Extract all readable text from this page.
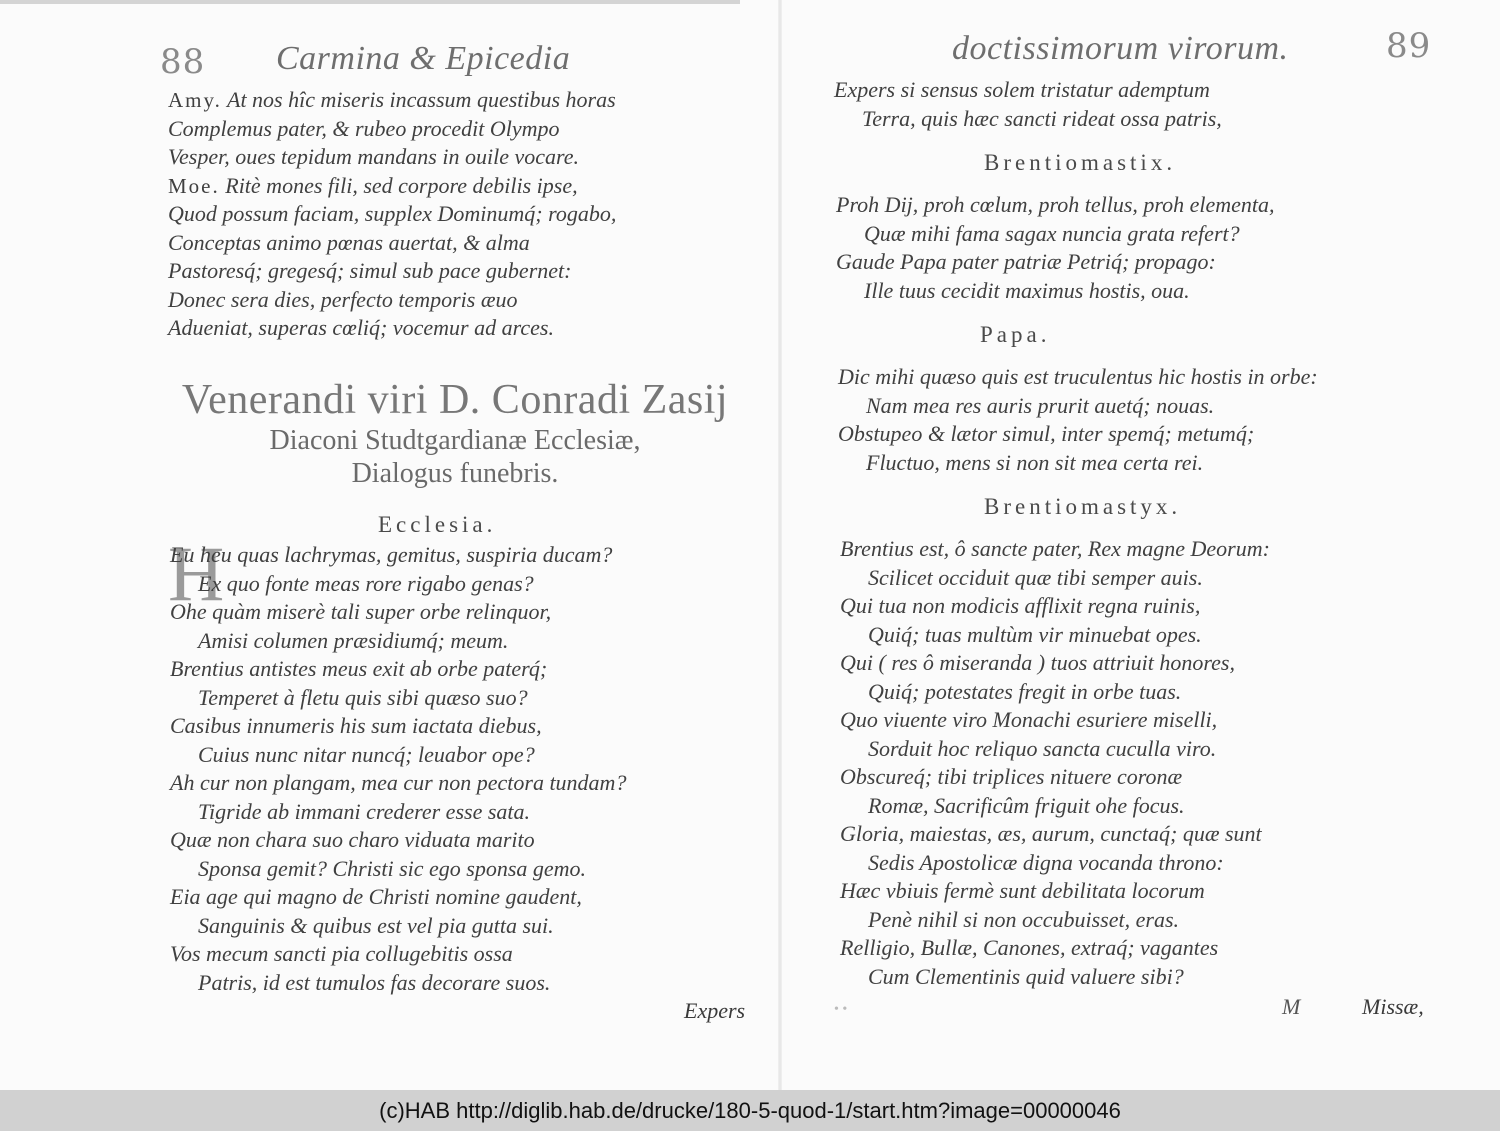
88 Carmina & Epicedia
Amy. At nos hîc miseris incassum questibus horas
Complemus pater, & rubeo procedit Olympo
Vesper, oues tepidum mandans in ouile vocare.
Moe. Ritè mones fili, sed corpore debilis ipse,
Quod possum faciam, supplex Dominumq́; rogabo,
Conceptas animo pœnas auertat, & alma
Pastoresq́; gregesq́; simul sub pace gubernet:
Donec sera dies, perfecto temporis æuo
Adueniat, superas cœliq́; vocemur ad arces.
Venerandi viri D. Conradi Zasij
Diaconi Studtgardianæ Ecclesiæ,
Dialogus funebris.
Ecclesia.
H
Eu heu quas lachrymas, gemitus, suspiria ducam?
Ex quo fonte meas rore rigabo genas?
Ohe quàm miserè tali super orbe relinquor,
Amisi columen præsidiumq́; meum.
Brentius antistes meus exit ab orbe paterq́;
Temperet à fletu quis sibi quæso suo?
Casibus innumeris his sum iactata diebus,
Cuius nunc nitar nuncq́; leuabor ope?
Ah cur non plangam, mea cur non pectora tundam?
Tigride ab immani crederer esse sata.
Quæ non chara suo charo viduata marito
Sponsa gemit? Christi sic ego sponsa gemo.
Eia age qui magno de Christi nomine gaudent,
Sanguinis & quibus est vel pia gutta sui.
Vos mecum sancti pia collugebitis ossa
Patris, id est tumulos fas decorare suos.
Expers
doctissimorum virorum.	89
Expers si sensus solem tristatur ademptum
Terra, quis hæc sancti rideat ossa patris,
Brentiomastix.
Proh Dij, proh cœlum, proh tellus, proh elementa,
Quæ mihi fama sagax nuncia grata refert?
Gaude Papa pater patriæ Petriq́; propago:
Ille tuus cecidit maximus hostis, oua.
Papa.
Dic mihi quæso quis est truculentus hic hostis in orbe:
Nam mea res auris prurit auetq́; nouas.
Obstupeo & lætor simul, inter spemq́; metumq́;
Fluctuo, mens si non sit mea certa rei.
Brentiomastyx.
Brentius est, ô sancte pater, Rex magne Deorum:
Scilicet occiduit quæ tibi semper auis.
Qui tua non modicis afflixit regna ruinis,
Quiq́; tuas multùm vir minuebat opes.
Qui ( res ô miseranda ) tuos attriuit honores,
Quiq́; potestates fregit in orbe tuas.
Quo viuente viro Monachi esuriere miselli,
Sorduit hoc reliquo sancta cuculla viro.
Obscureq́; tibi triplices nituere coronæ
Romæ, Sacrificûm friguit ohe focus.
Gloria, maiestas, æs, aurum, cunctaq́; quæ sunt
Sedis Apostolicæ digna vocanda throno:
Hæc vbiuis fermè sunt debilitata locorum
Penè nihil si non occubuisset, eras.
Relligio, Bullæ, Canones, extraq́; vagantes
Cum Clementinis quid valuere sibi?
• •	M	Missæ,
(c)HAB http://diglib.hab.de/drucke/180-5-quod-1/start.htm?image=00000046
